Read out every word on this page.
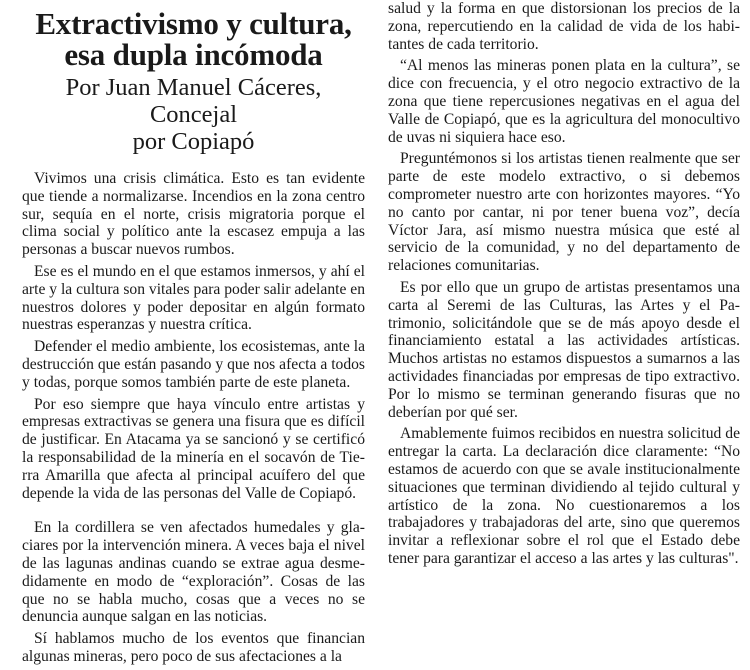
Extractivismo y cultura,
esa dupla incómoda
Por Juan Manuel Cáceres, Concejal
por Copiapó

Vivimos una crisis climática. Esto es tan evidente que tiende a normalizarse. Incendios en la zona centro sur, sequía en el norte, crisis migratoria porque el clima social y político ante la escasez empuja a las personas a buscar nuevos rumbos.

Ese es el mundo en el que estamos inmersos, y ahí el arte y la cultura son vitales para poder salir adelante en nuestros dolores y poder depositar en algún formato nuestras esperanzas y nuestra crítica.

Defender el medio ambiente, los ecosistemas, ante la destrucción que están pasando y que nos afecta a todos y todas, porque somos también parte de este planeta.

Por eso siempre que haya vínculo entre artistas y empresas extractivas se genera una fisura que es difícil de justificar. En Atacama ya se sancionó y se certificó la responsabilidad de la minería en el socavón de Tierra Amarilla que afecta al principal acuífero del que depende la vida de las personas del Valle de Copiapó.

En la cordillera se ven afectados humedales y glaciares por la intervención minera. A veces baja el nivel de las lagunas andinas cuando se extrae agua desmedidamente en modo de “exploración”. Cosas de las que no se habla mucho, cosas que a veces no se denuncia aunque salgan en las noticias.

Sí hablamos mucho de los eventos que financian algunas mineras, pero poco de sus afectaciones a la

salud y la forma en que distorsionan los precios de la zona, repercutiendo en la calidad de vida de los habitantes de cada territorio.

“Al menos las mineras ponen plata en la cultura”, se dice con frecuencia, y el otro negocio extractivo de la zona que tiene repercusiones negativas en el agua del Valle de Copiapó, que es la agricultura del monocultivo de uvas ni siquiera hace eso.

Preguntémonos si los artistas tienen realmente que ser parte de este modelo extractivo, o si debemos comprometer nuestro arte con horizontes mayores. “Yo no canto por cantar, ni por tener buena voz”, decía Víctor Jara, así mismo nuestra música que esté al servicio de la comunidad, y no del departamento de relaciones comunitarias.

Es por ello que un grupo de artistas presentamos una carta al Seremi de las Culturas, las Artes y el Patrimonio, solicitándole que se de más apoyo desde el financiamiento estatal a las actividades artísticas. Muchos artistas no estamos dispuestos a sumarnos a las actividades financiadas por empresas de tipo extractivo. Por lo mismo se terminan generando fisuras que no deberían por qué ser.

Amablemente fuimos recibidos en nuestra solicitud de entregar la carta. La declaración dice claramente: “No estamos de acuerdo con que se avale institucionalmente situaciones que terminan dividiendo al tejido cultural y artístico de la zona. No cuestionaremos a los trabajadores y trabajadoras del arte, sino que queremos invitar a reflexionar sobre el rol que el Estado debe tener para garantizar el acceso a las artes y las culturas".
